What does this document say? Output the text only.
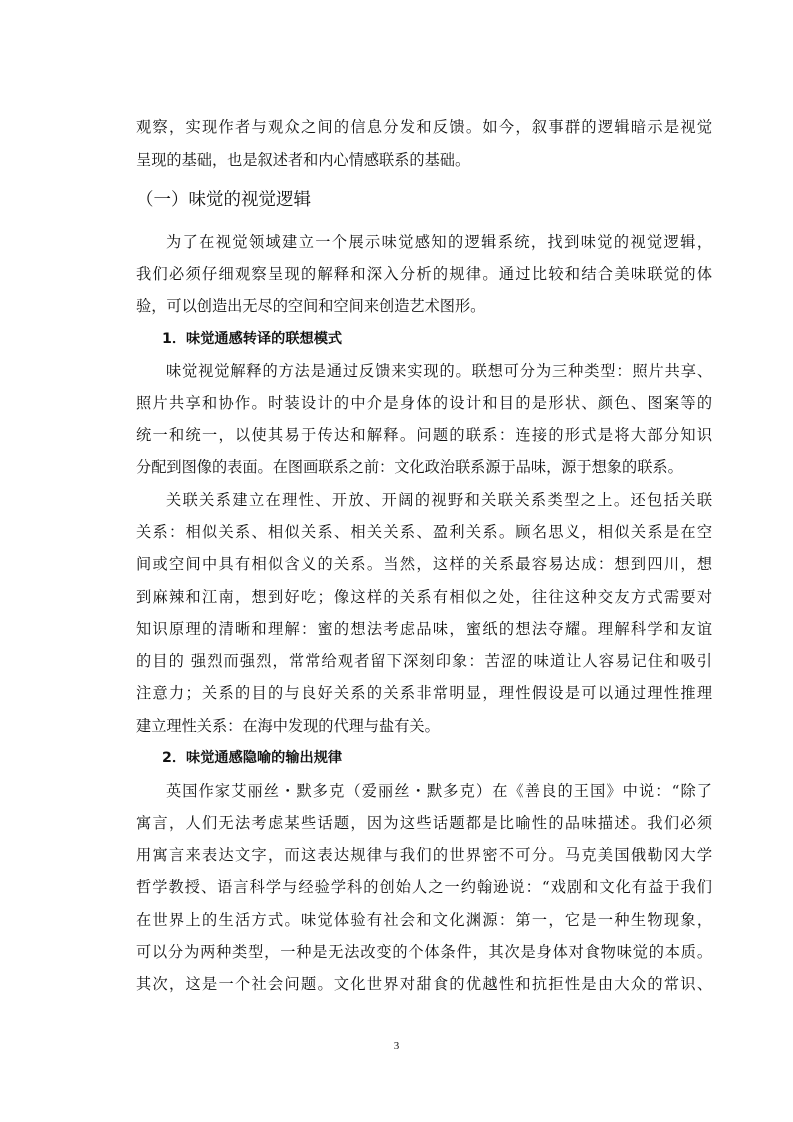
观察，实现作者与观众之间的信息分发和反馈。如今，叙事群的逻辑暗示是视觉
呈现的基础，也是叙述者和内心情感联系的基础。
（一）味觉的视觉逻辑
为了在视觉领域建立一个展示味觉感知的逻辑系统，找到味觉的视觉逻辑，
我们必须仔细观察呈现的解释和深入分析的规律。通过比较和结合美味联觉的体
验，可以创造出无尽的空间和空间来创造艺术图形。
1．味觉通感转译的联想模式
味觉视觉解释的方法是通过反馈来实现的。联想可分为三种类型：照片共享、
照片共享和协作。时装设计的中介是身体的设计和目的是形状、颜色、图案等的
统一和统一，以使其易于传达和解释。问题的联系：连接的形式是将大部分知识
分配到图像的表面。在图画联系之前：文化政治联系源于品味，源于想象的联系。
关联关系建立在理性、开放、开阔的视野和关联关系类型之上。还包括关联
关系：相似关系、相似关系、相关关系、盈利关系。顾名思义，相似关系是在空
间或空间中具有相似含义的关系。当然，这样的关系最容易达成：想到四川，想
到麻辣和江南，想到好吃；像这样的关系有相似之处，往往这种交友方式需要对
知识原理的清晰和理解：蜜的想法考虑品味，蜜纸的想法夺耀。理解科学和友谊
的目的 强烈而强烈，常常给观者留下深刻印象：苦涩的味道让人容易记住和吸引
注意力；关系的目的与良好关系的关系非常明显，理性假设是可以通过理性推理
建立理性关系：在海中发现的代理与盐有关。
2．味觉通感隐喻的输出规律
英国作家艾丽丝・默多克（爱丽丝・默多克）在《善良的王国》中说：“除了
寓言，人们无法考虑某些话题，因为这些话题都是比喻性的品味描述。我们必须
用寓言来表达文字，而这表达规律与我们的世界密不可分。马克美国俄勒冈大学
哲学教授、语言科学与经验学科的创始人之一约翰逊说：“戏剧和文化有益于我们
在世界上的生活方式。味觉体验有社会和文化渊源：第一，它是一种生物现象，
可以分为两种类型，一种是无法改变的个体条件，其次是身体对食物味觉的本质。
其次，这是一个社会问题。文化世界对甜食的优越性和抗拒性是由大众的常识、
3
